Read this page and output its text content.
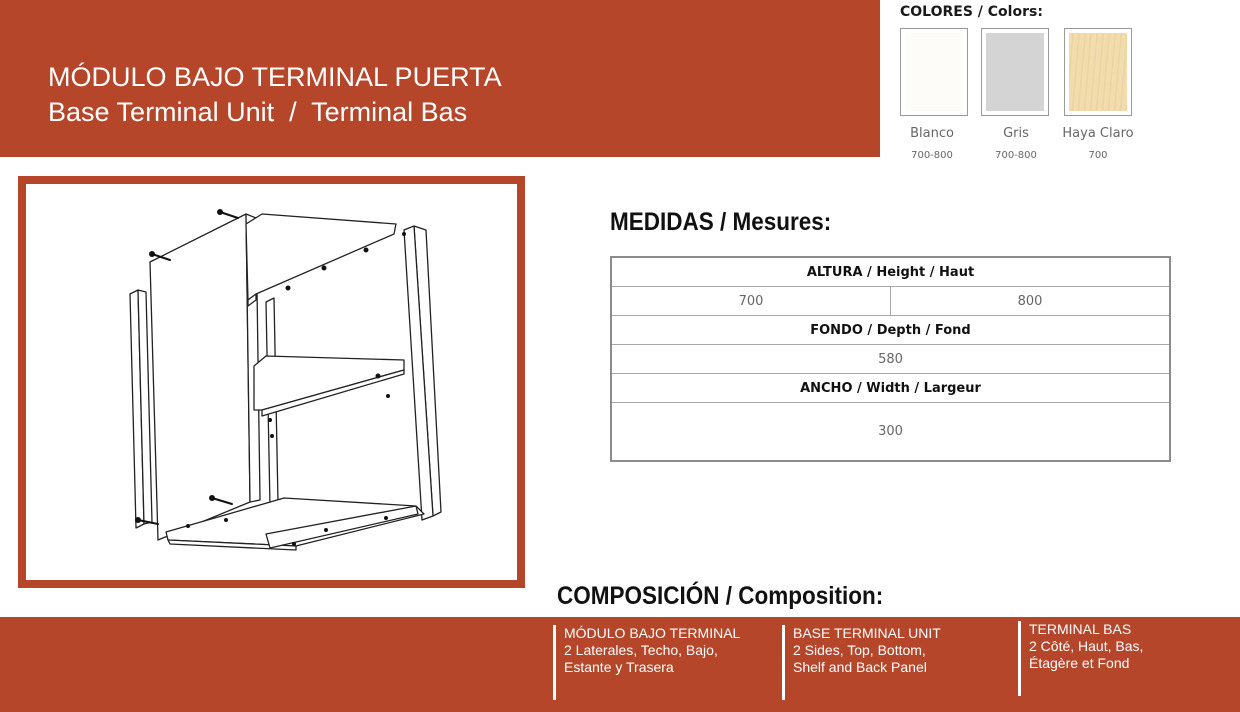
MÓDULO BAJO TERMINAL PUERTA
Base Terminal Unit  /  Terminal Bas
COLORES / Colors:
Blanco
700-800
Gris
700-800
Haya Claro
700
MEDIDAS / Mesures:
ALTURA / Height / Haut
700	800
FONDO / Depth / Fond
580
ANCHO / Width / Largeur
300
COMPOSICIÓN / Composition:
MÓDULO BAJO TERMINAL
2 Laterales, Techo, Bajo,
Estante y Trasera
BASE TERMINAL UNIT
2 Sides, Top, Bottom,
Shelf and Back Panel
TERMINAL BAS
2 Côté, Haut, Bas,
Étagère et Fond
